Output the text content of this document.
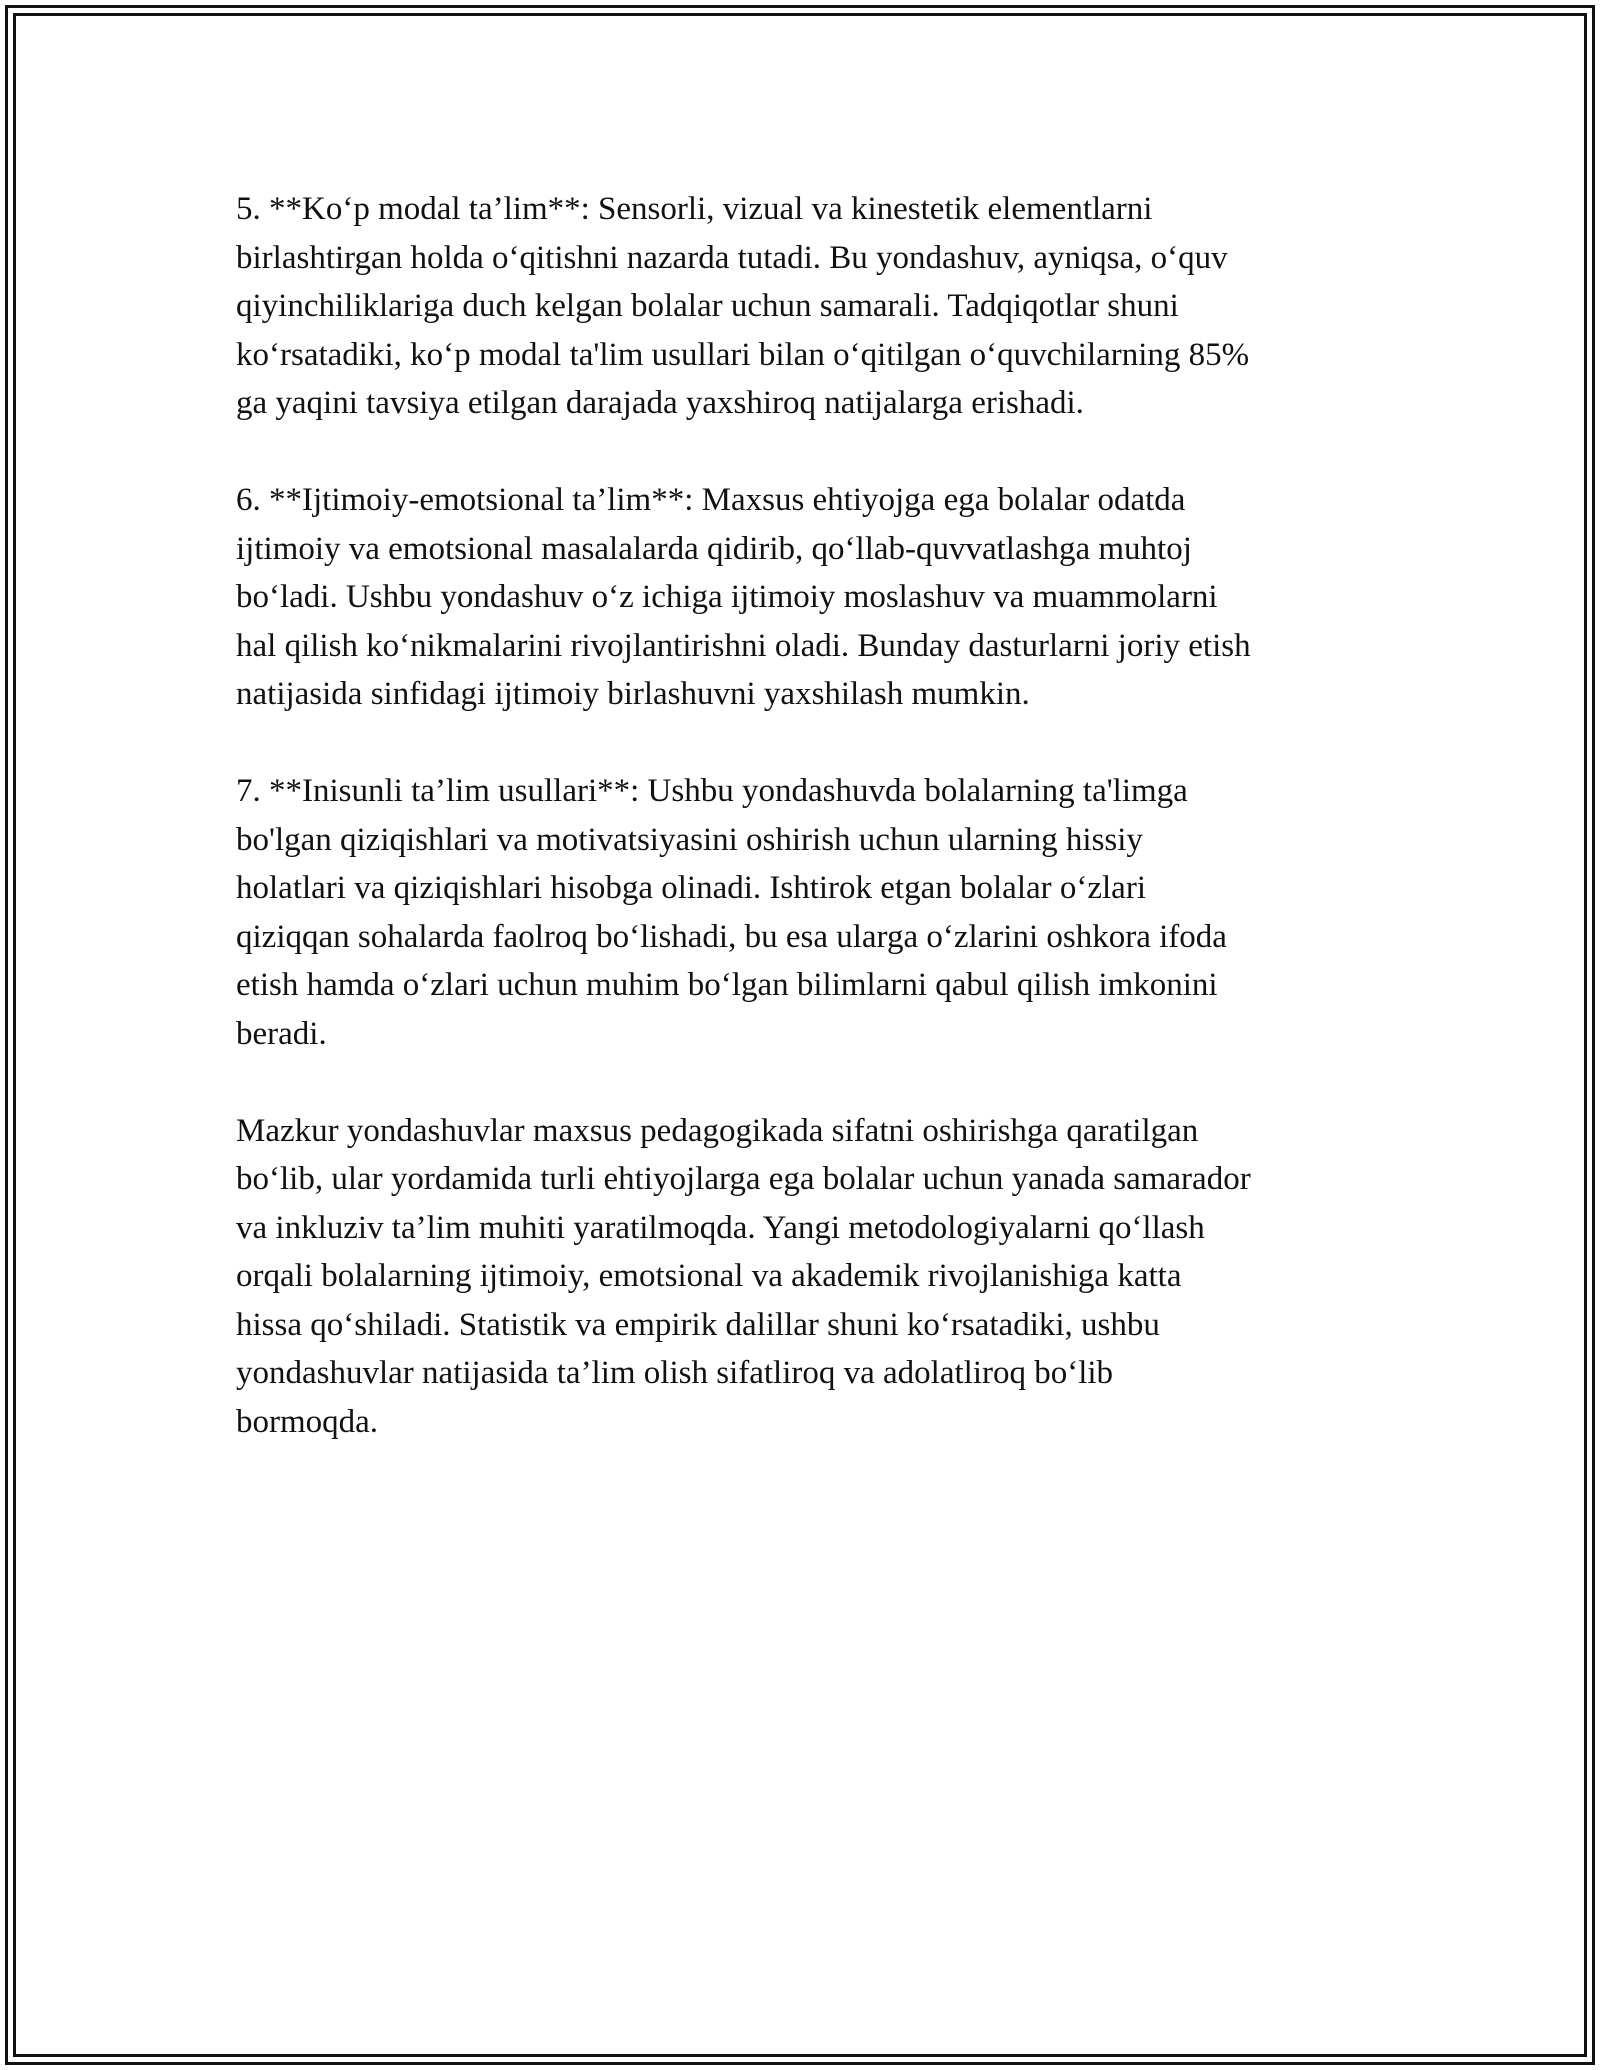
5. **Ko‘p modal ta’lim**: Sensorli, vizual va kinestetik elementlarni
birlashtirgan holda o‘qitishni nazarda tutadi. Bu yondashuv, ayniqsa, o‘quv
qiyinchiliklariga duch kelgan bolalar uchun samarali. Tadqiqotlar shuni
ko‘rsatadiki, ko‘p modal ta'lim usullari bilan o‘qitilgan o‘quvchilarning 85%
ga yaqini tavsiya etilgan darajada yaxshiroq natijalarga erishadi.

6. **Ijtimoiy-emotsional ta’lim**: Maxsus ehtiyojga ega bolalar odatda
ijtimoiy va emotsional masalalarda qidirib, qo‘llab-quvvatlashga muhtoj
bo‘ladi. Ushbu yondashuv o‘z ichiga ijtimoiy moslashuv va muammolarni
hal qilish ko‘nikmalarini rivojlantirishni oladi. Bunday dasturlarni joriy etish
natijasida sinfidagi ijtimoiy birlashuvni yaxshilash mumkin.

7. **Inisunli ta’lim usullari**: Ushbu yondashuvda bolalarning ta'limga
bo'lgan qiziqishlari va motivatsiyasini oshirish uchun ularning hissiy
holatlari va qiziqishlari hisobga olinadi. Ishtirok etgan bolalar o‘zlari
qiziqqan sohalarda faolroq bo‘lishadi, bu esa ularga o‘zlarini oshkora ifoda
etish hamda o‘zlari uchun muhim bo‘lgan bilimlarni qabul qilish imkonini
beradi.

Mazkur yondashuvlar maxsus pedagogikada sifatni oshirishga qaratilgan
bo‘lib, ular yordamida turli ehtiyojlarga ega bolalar uchun yanada samarador
va inkluziv ta’lim muhiti yaratilmoqda. Yangi metodologiyalarni qo‘llash
orqali bolalarning ijtimoiy, emotsional va akademik rivojlanishiga katta
hissa qo‘shiladi. Statistik va empirik dalillar shuni ko‘rsatadiki, ushbu
yondashuvlar natijasida ta’lim olish sifatliroq va adolatliroq bo‘lib
bormoqda.
